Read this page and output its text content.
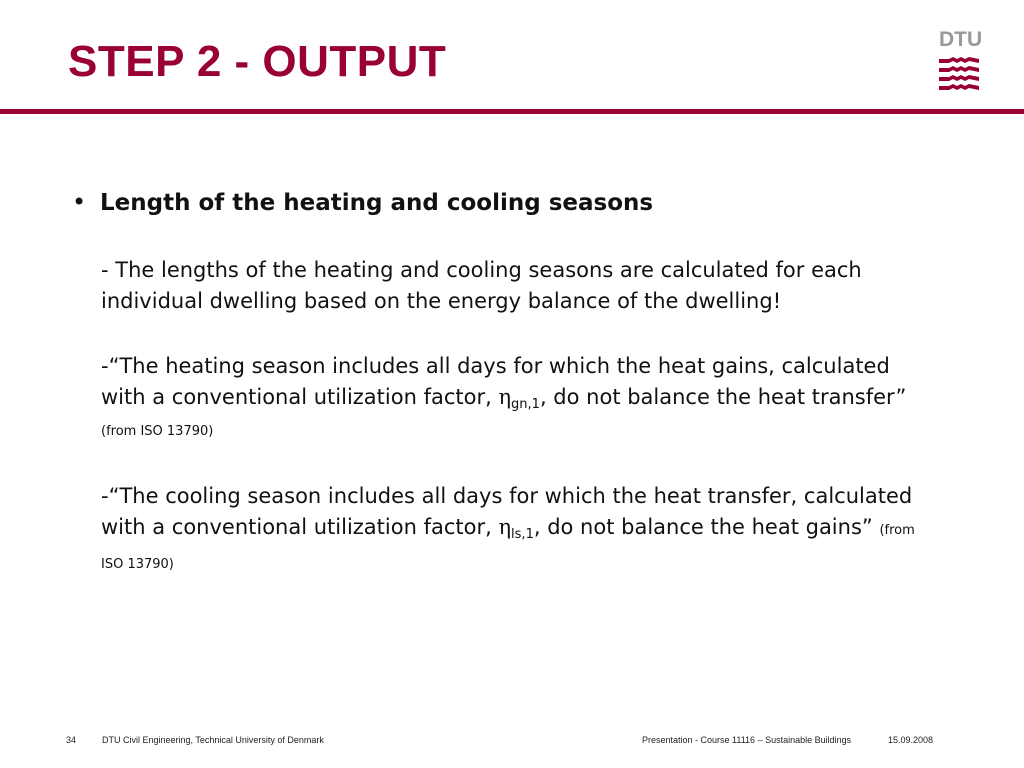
STEP 2 - OUTPUT	DTU
• Length of the heating and cooling seasons
- The lengths of the heating and cooling seasons are calculated for each individual dwelling based on the energy balance of the dwelling!
-“The heating season includes all days for which the heat gains, calculated with a conventional utilization factor, $\eta_{gn,1}$, do not balance the heat transfer” (from ISO 13790)
-“The cooling season includes all days for which the heat transfer, calculated with a conventional utilization factor, $\eta_{ls,1}$, do not balance the heat gains” (from ISO 13790)
34	DTU Civil Engineering, Technical University of Denmark	Presentation - Course 11116 – Sustainable Buildings	15.09.2008
